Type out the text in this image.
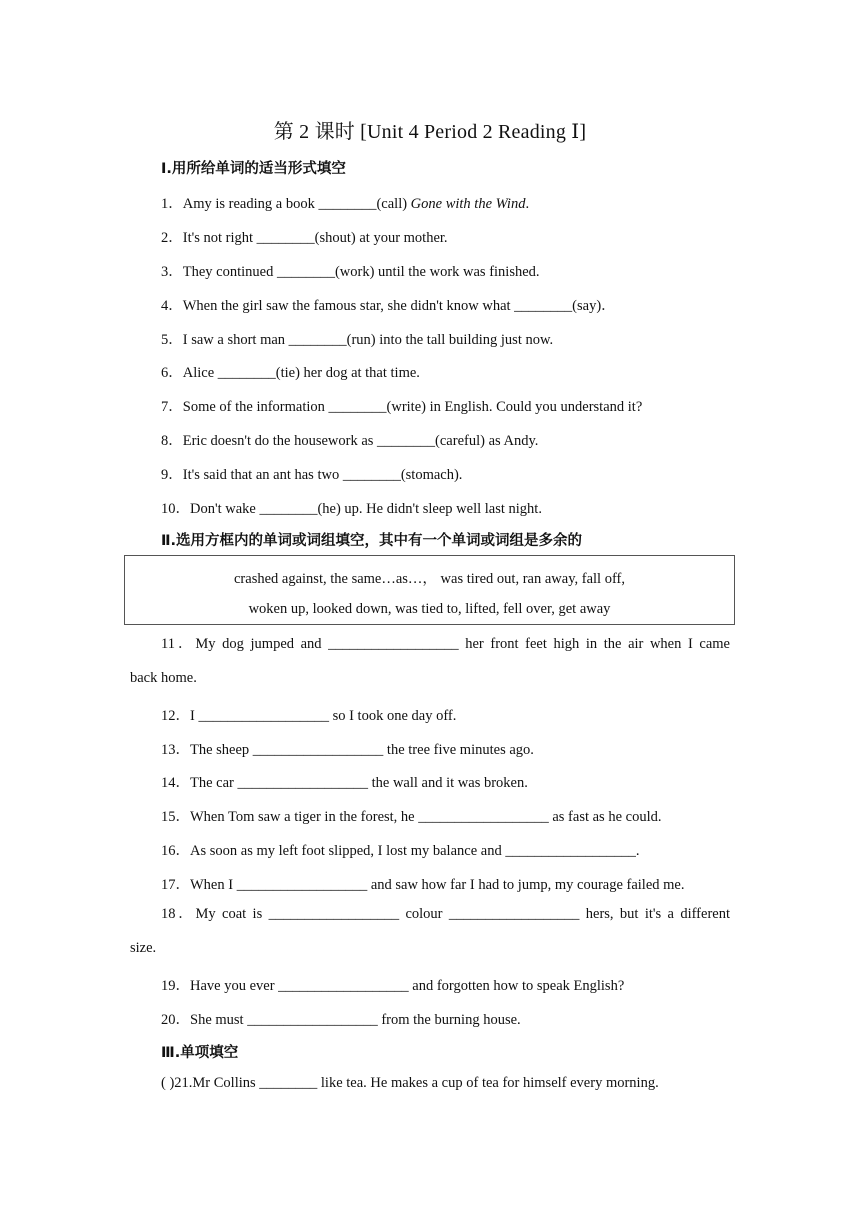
第 2 课时 [Unit 4 Period 2 Reading Ⅰ]
Ⅰ.用所给单词的适当形式填空
1．Amy is reading a book ________(call) Gone with the Wind.
2．It's not right ________(shout) at your mother.
3．They continued ________(work) until the work was finished.
4．When the girl saw the famous star, she didn't know what ________(say)．
5．I saw a short man ________(run) into the tall building just now.
6．Alice ________(tie) her dog at that time.
7．Some of the information ________(write) in English. Could you understand it?
8．Eric doesn't do the housework as ________(careful) as Andy.
9．It's said that an ant has two ________(stomach).
10．Don't wake ________(he) up. He didn't sleep well last night.
Ⅱ.选用方框内的单词或词组填空，其中有一个单词或词组是多余的
crashed against, the same…as…， was tired out, ran away, fall off,
woken up, looked down, was tied to, lifted, fell over, get away
11．My dog jumped and __________________ her front feet high in the air when I came
back home.
12．I __________________ so I took one day off.
13．The sheep __________________ the tree five minutes ago.
14．The car __________________ the wall and it was broken.
15．When Tom saw a tiger in the forest, he __________________ as fast as he could.
16．As soon as my left foot slipped, I lost my balance and __________________.
17．When I __________________ and saw how far I had to jump, my courage failed me.
18．My coat is __________________ colour __________________ hers, but it's a different
size.
19．Have you ever __________________ and forgotten how to speak English?
20．She must __________________ from the burning house.
Ⅲ.单项填空
( )21.Mr Collins ________ like tea. He makes a cup of tea for himself every morning.
